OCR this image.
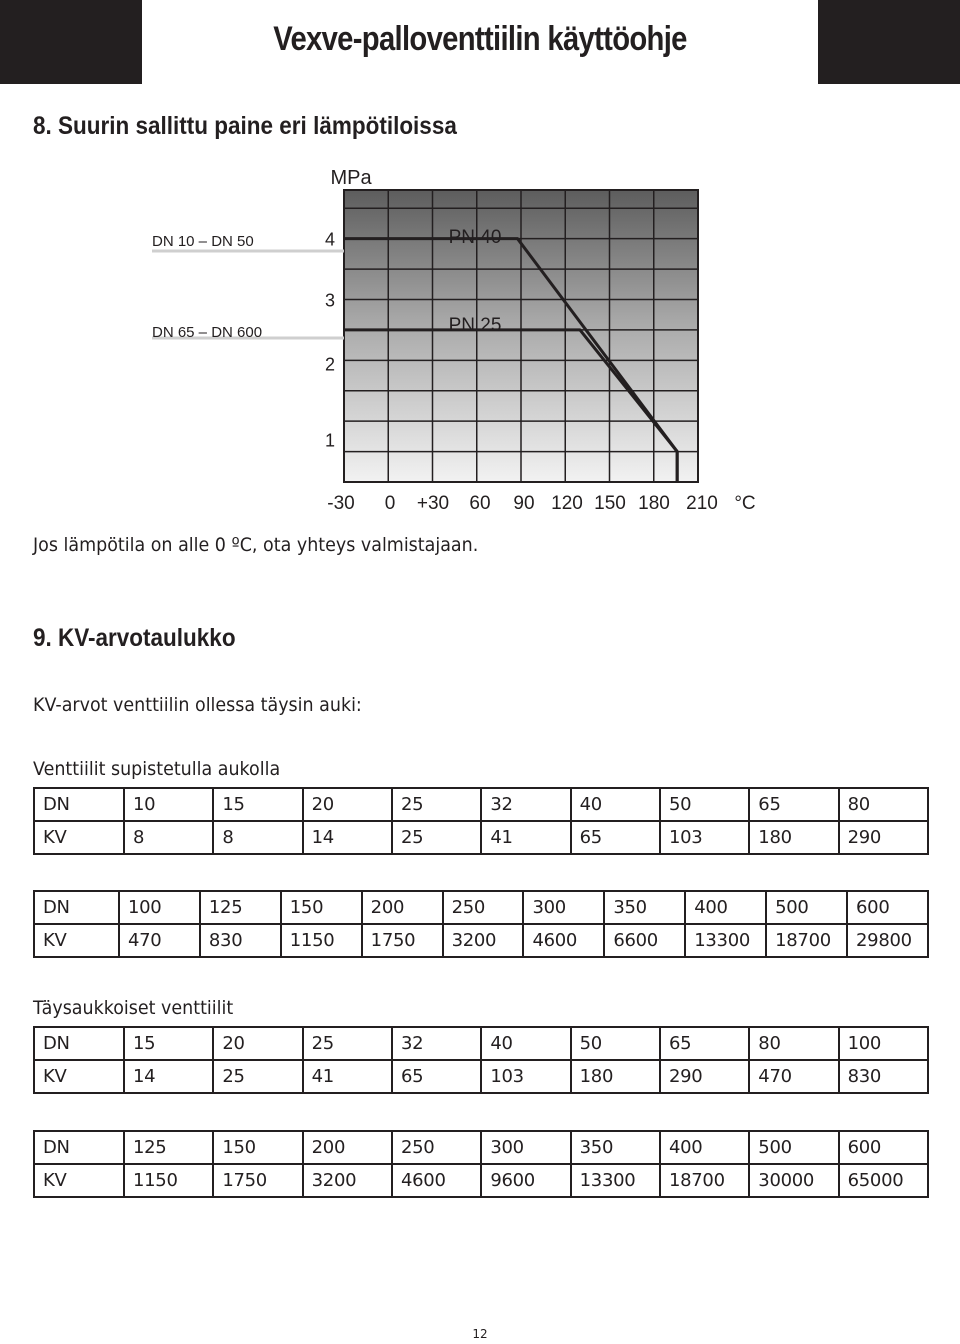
Vexve-palloventtiilin käyttöohje
8. Suurin sallittu paine eri lämpötiloissa
MPa
1
2
3
4
-30 0 +30 60 90 120 150 180 210 °C
DN 10 – DN 50	PN 40
DN 65 – DN 600	PN 25
Jos lämpötila on alle 0 ºC, ota yhteys valmistajaan.
9. KV-arvotaulukko
KV-arvot venttiilin ollessa täysin auki:
Venttiilit supistetulla aukolla
DN	10	15	20	25	32	40	50	65	80
KV	8	8	14	25	41	65	103	180	290
DN	100	125	150	200	250	300	350	400	500	600
KV	470	830	1150	1750	3200	4600	6600	13300	18700	29800
Täysaukkoiset venttiilit
DN	15	20	25	32	40	50	65	80	100
KV	14	25	41	65	103	180	290	470	830
DN	125	150	200	250	300	350	400	500	600
KV	1150	1750	3200	4600	9600	13300	18700	30000	65000
12
